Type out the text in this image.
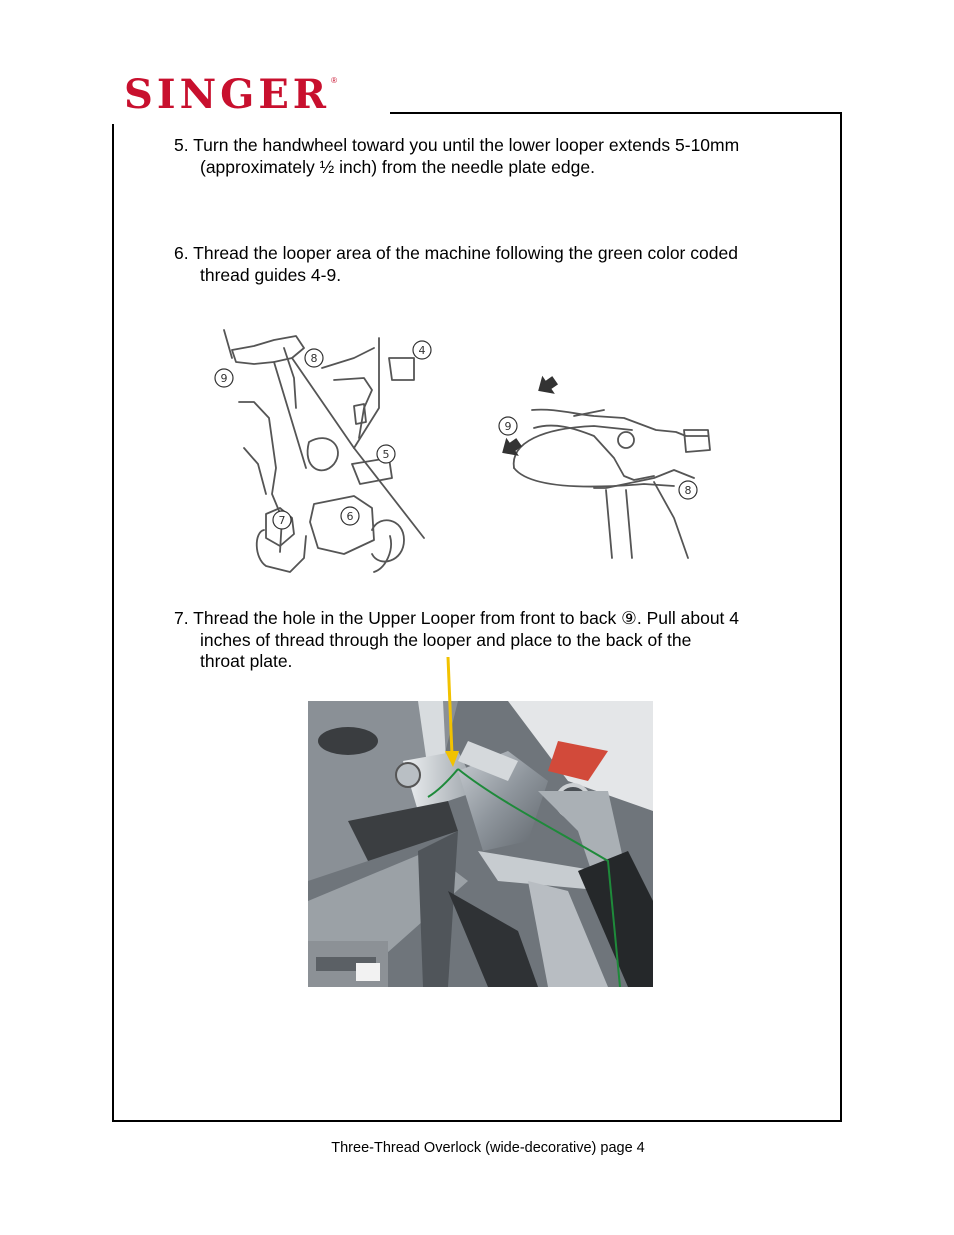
SINGER ®
5. Turn the handwheel toward you until the lower looper extends 5-10mm
(approximately ½ inch) from the needle plate edge.
6. Thread the looper area of the machine following the green color coded
thread guides 4-9.
9
8
4
5
7	6
9
8
7. Thread the hole in the Upper Looper from front to back ⑨. Pull about 4
inches of thread through the looper and place to the back of the
throat plate.
Three-Thread Overlock (wide-decorative) page 4
